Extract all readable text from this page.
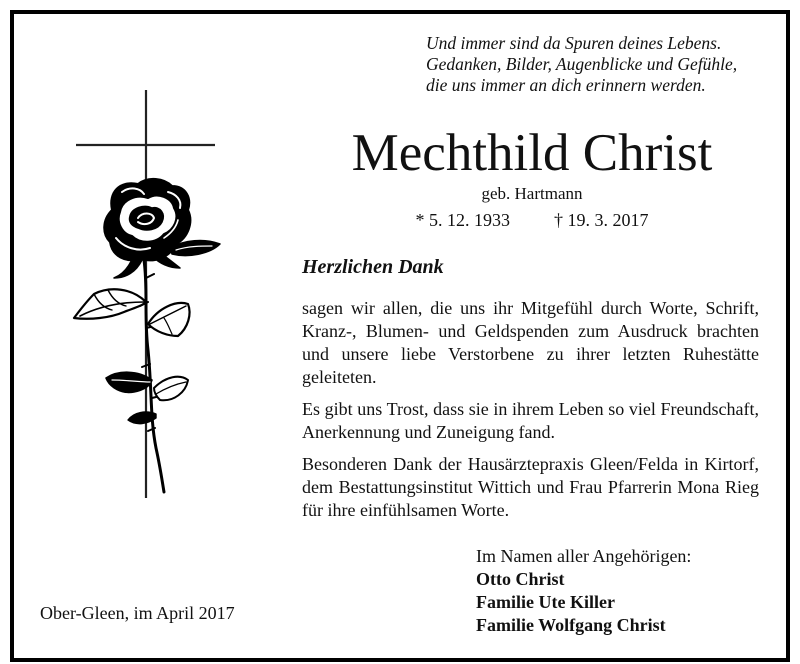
Und immer sind da Spuren deines Lebens.
Gedanken, Bilder, Augenblicke und Gefühle,
die uns immer an dich erinnern werden.
Mechthild Christ
geb. Hartmann
* 5. 12. 1933 † 19. 3. 2017
Herzlichen Dank
sagen wir allen, die uns ihr Mitgefühl durch Worte, Schrift, Kranz-, Blumen- und Geldspenden zum Ausdruck brachten und unsere liebe Verstorbene zu ihrer letzten Ruhestätte geleiteten.
Es gibt uns Trost, dass sie in ihrem Leben so viel Freundschaft, Anerkennung und Zuneigung fand.
Besonderen Dank der Hausärztepraxis Gleen/Felda in Kirtorf, dem Bestattungsinstitut Wittich und Frau Pfarrerin Mona Rieg für ihre einfühlsamen Worte.
Im Namen aller Angehörigen:
Otto Christ
Familie Ute Killer
Familie Wolfgang Christ
Ober-Gleen, im April 2017
